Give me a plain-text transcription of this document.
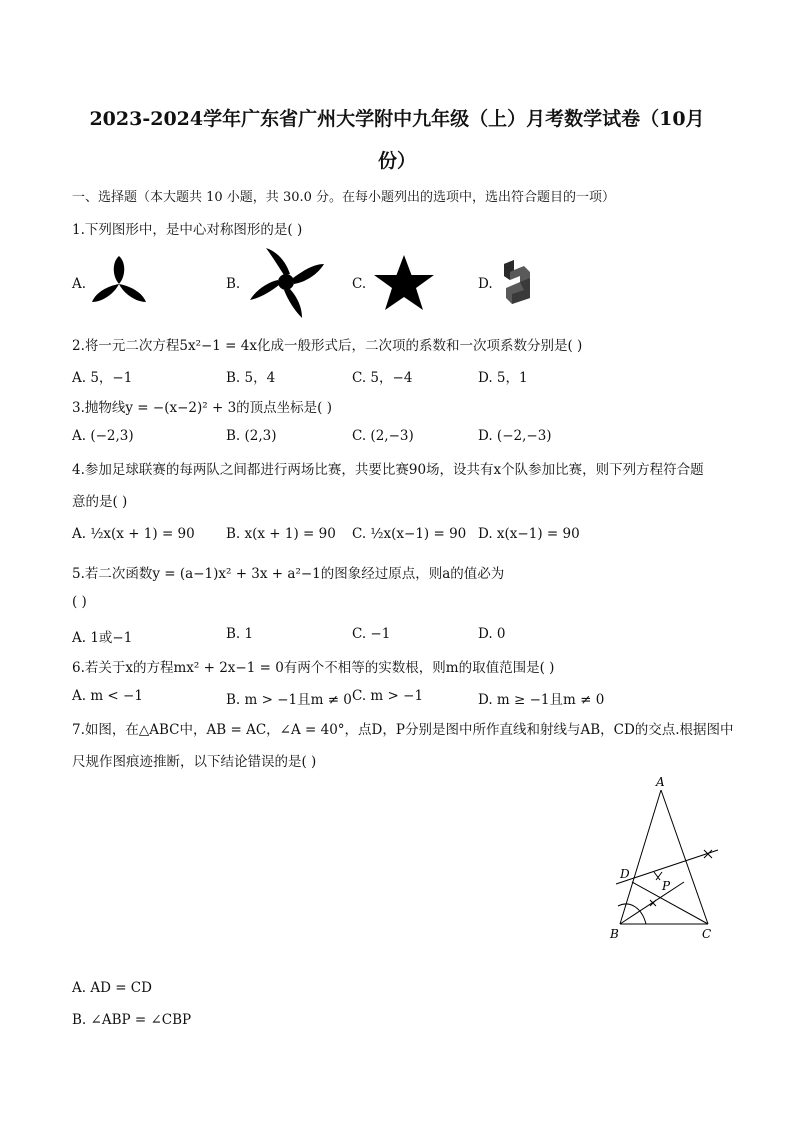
2023-2024学年广东省广州大学附中九年级（上）月考数学试卷（10月
份）
一、选择题（本大题共 10 小题，共 30.0 分。在每小题列出的选项中，选出符合题目的一项）
1.下列图形中，是中心对称图形的是( )
A.	B.	C.	D.
2.将一元二次方程5x²−1 = 4x化成一般形式后，二次项的系数和一次项系数分别是( )
A. 5，−1	B. 5，4	C. 5，−4	D. 5，1
3.抛物线y = −(x−2)² + 3的顶点坐标是( )
A. (−2,3)	B. (2,3)	C. (2,−3)	D. (−2,−3)
4.参加足球联赛的每两队之间都进行两场比赛，共要比赛90场，设共有x个队参加比赛，则下列方程符合题
意的是( )
A. ½x(x + 1) = 90 B. x(x + 1) = 90 C. ½x(x−1) = 90 D. x(x−1) = 90
5.若二次函数y = (a−1)x² + 3x + a²−1的图象经过原点，则a的值必为
( )
A. 1或−1	B. 1	C. −1	D. 0
6.若关于x的方程mx² + 2x−1 = 0有两个不相等的实数根，则m的取值范围是( )
A. m < −1	B. m > −1且m ≠ 0 C. m > −1	D. m ≥ −1且m ≠ 0
7.如图，在△ABC中，AB = AC，∠A = 40°，点D，P分别是图中所作直线和射线与AB，CD的交点.根据图中
尺规作图痕迹推断，以下结论错误的是( )
A
B	C
D
P
A. AD = CD
B. ∠ABP = ∠CBP
